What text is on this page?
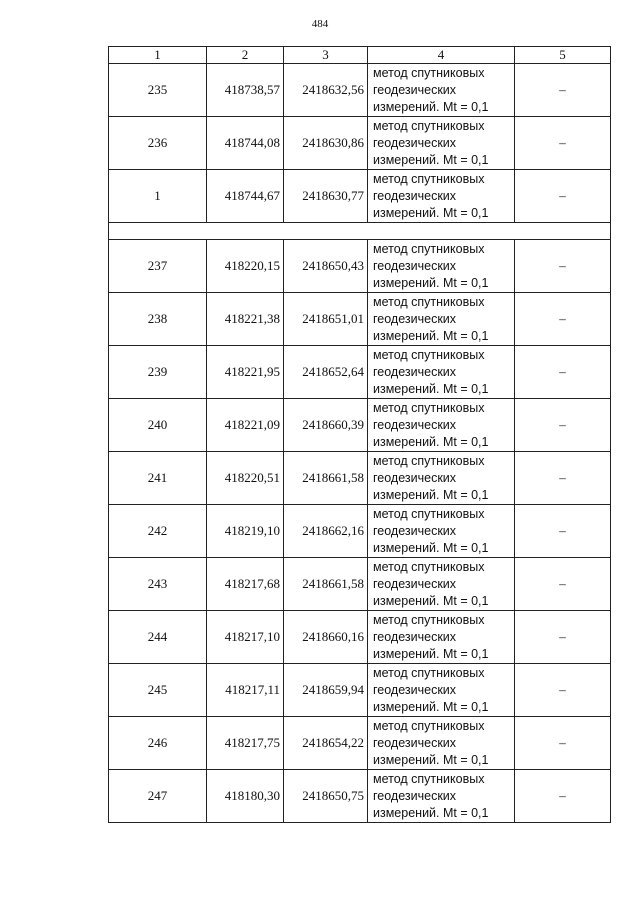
484
1	2	3	4	5
235	418738,57	2418632,56	метод спутниковых
геодезических
измерений. Mt = 0,1	–
236	418744,08	2418630,86	метод спутниковых
геодезических
измерений. Mt = 0,1	–
1	418744,67	2418630,77	метод спутниковых
геодезических
измерений. Mt = 0,1	–

237	418220,15	2418650,43	метод спутниковых
геодезических
измерений. Mt = 0,1	–
238	418221,38	2418651,01	метод спутниковых
геодезических
измерений. Mt = 0,1	–
239	418221,95	2418652,64	метод спутниковых
геодезических
измерений. Mt = 0,1	–
240	418221,09	2418660,39	метод спутниковых
геодезических
измерений. Mt = 0,1	–
241	418220,51	2418661,58	метод спутниковых
геодезических
измерений. Mt = 0,1	–
242	418219,10	2418662,16	метод спутниковых
геодезических
измерений. Mt = 0,1	–
243	418217,68	2418661,58	метод спутниковых
геодезических
измерений. Mt = 0,1	–
244	418217,10	2418660,16	метод спутниковых
геодезических
измерений. Mt = 0,1	–
245	418217,11	2418659,94	метод спутниковых
геодезических
измерений. Mt = 0,1	–
246	418217,75	2418654,22	метод спутниковых
геодезических
измерений. Mt = 0,1	–
247	418180,30	2418650,75	метод спутниковых
геодезических
измерений. Mt = 0,1	–
